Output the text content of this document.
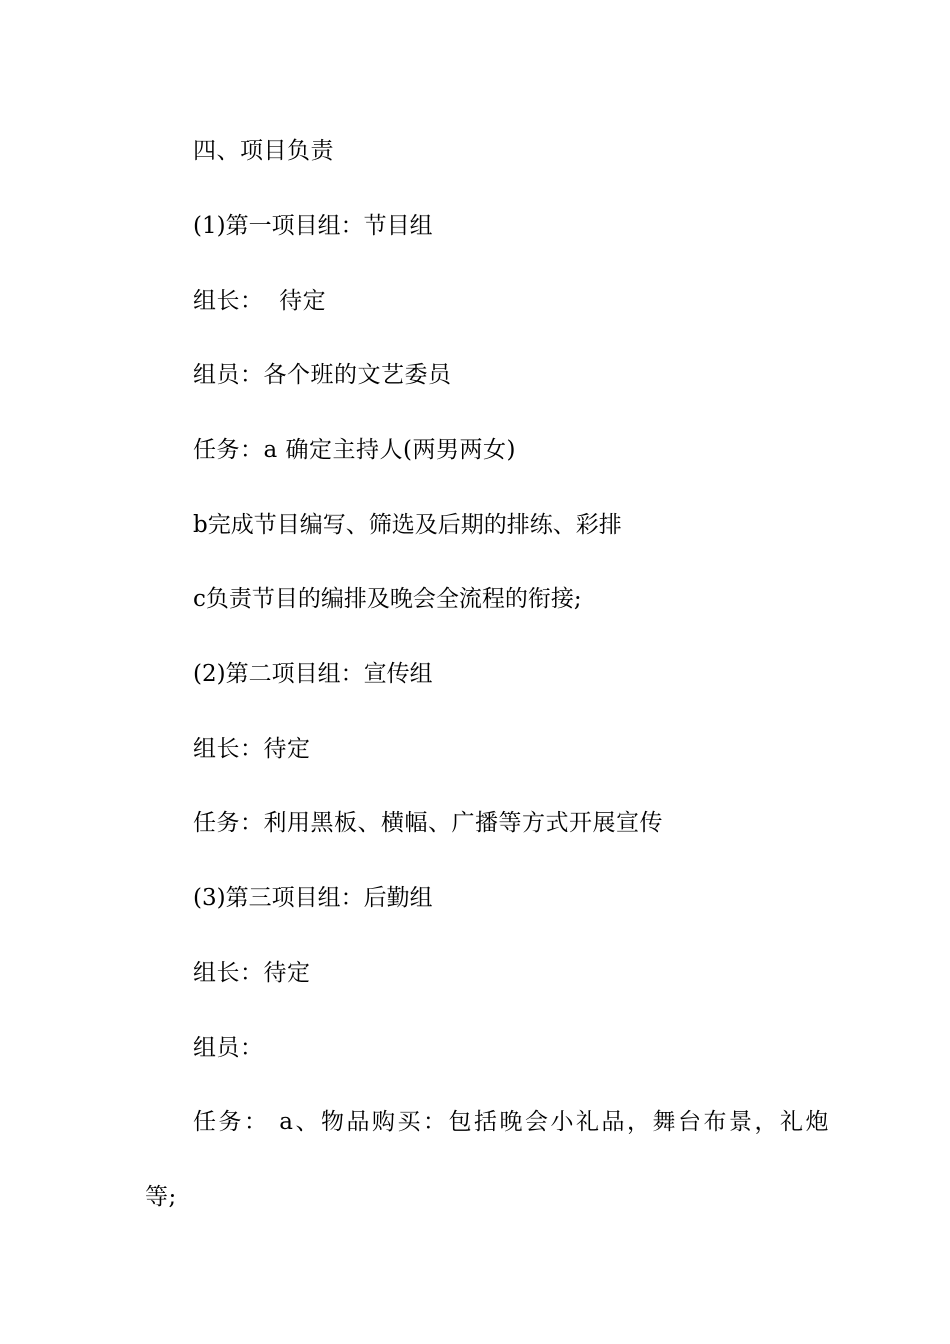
四、项目负责
(1)第一项目组：节目组
组长：  待定
组员：各个班的文艺委员
任务：a 确定主持人(两男两女)
b完成节目编写、筛选及后期的排练、彩排
c负责节目的编排及晚会全流程的衔接;
(2)第二项目组：宣传组
组长：待定
任务：利用黑板、横幅、广播等方式开展宣传
(3)第三项目组：后勤组
组长：待定
组员：
任务： a、物品购买：包括晚会小礼品，舞台布景，礼炮
等;
